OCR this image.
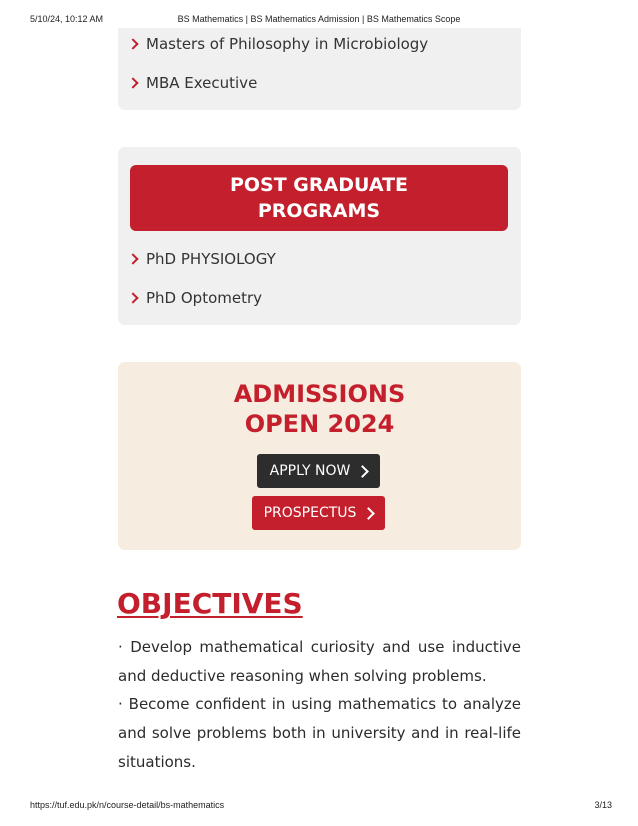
5/10/24, 10:12 AM	BS Mathematics | BS Mathematics Admission | BS Mathematics Scope
Masters of Philosophy in Microbiology
MBA Executive
POST GRADUATE
PROGRAMS
PhD PHYSIOLOGY
PhD Optometry
ADMISSIONS
OPEN 2024
APPLY NOW
PROSPECTUS
OBJECTIVES

· Develop mathematical curiosity and use inductive and deductive reasoning when solving problems.

· Become confident in using mathematics to analyze and solve problems both in university and in real-life situations.

https://tuf.edu.pk/n/course-detail/bs-mathematics	3/13
